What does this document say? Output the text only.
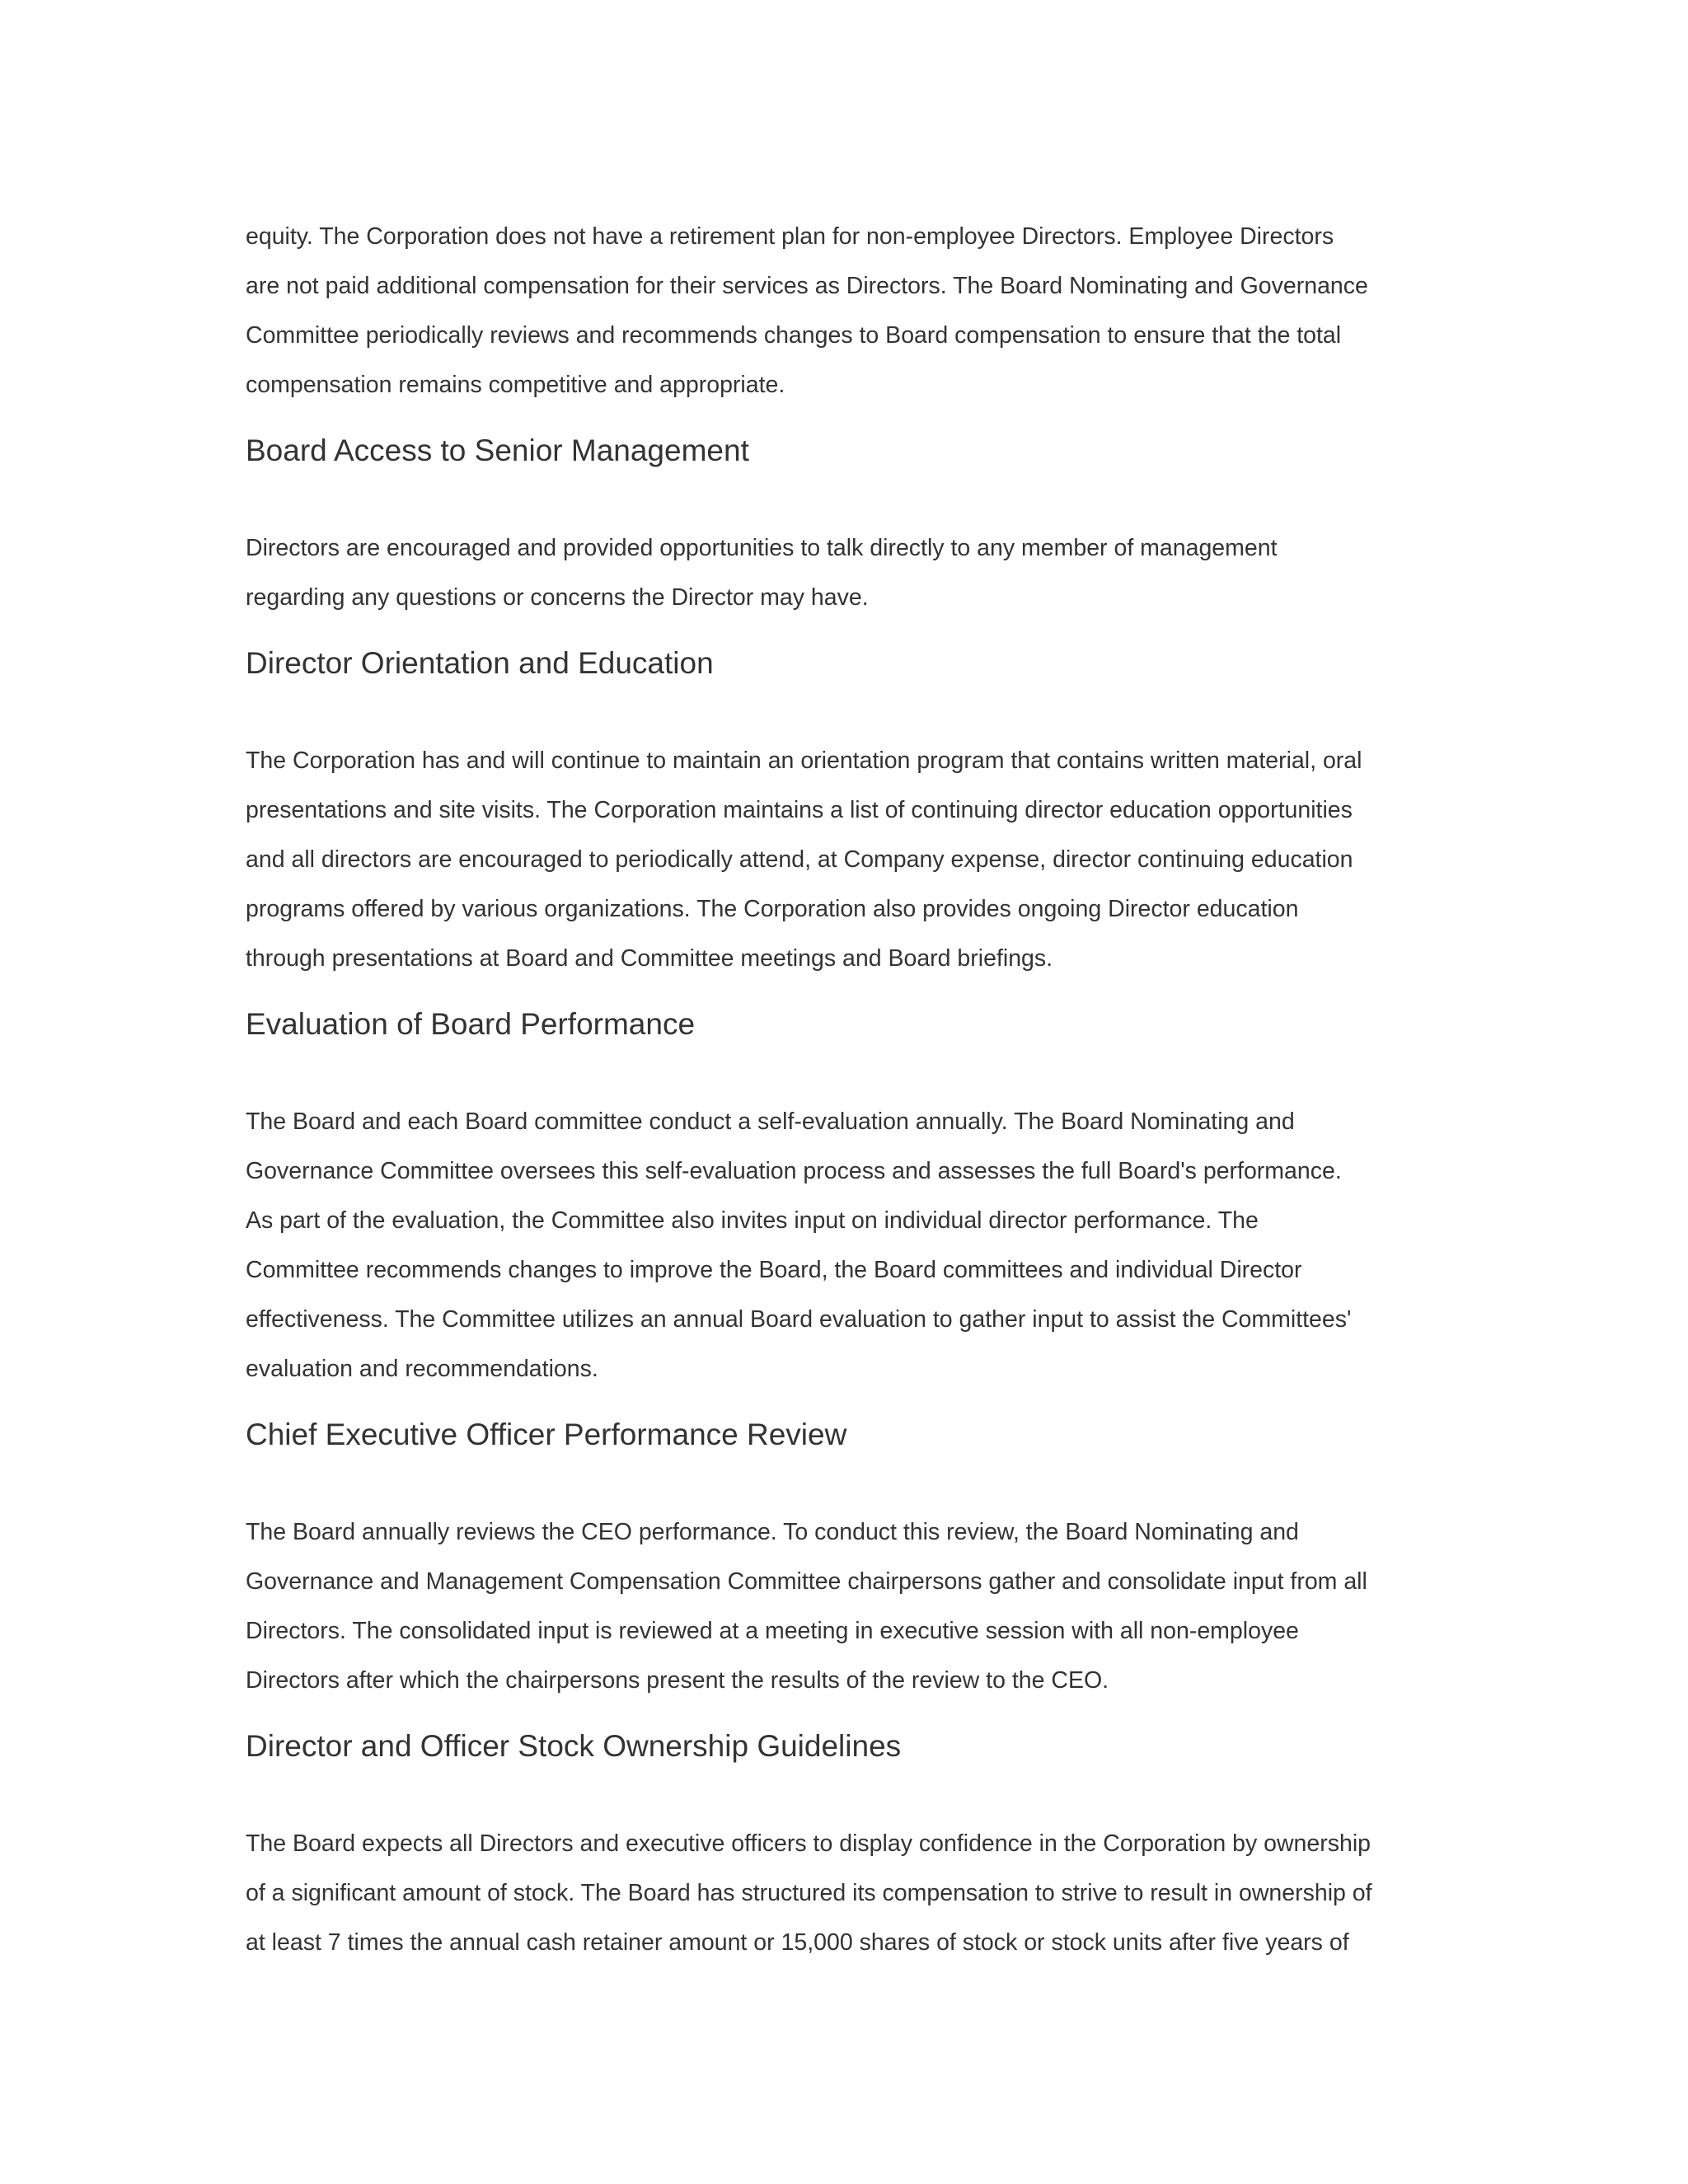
equity. The Corporation does not have a retirement plan for non-employee Directors. Employee Directors
are not paid additional compensation for their services as Directors. The Board Nominating and Governance
Committee periodically reviews and recommends changes to Board compensation to ensure that the total
compensation remains competitive and appropriate.

Board Access to Senior Management

Directors are encouraged and provided opportunities to talk directly to any member of management
regarding any questions or concerns the Director may have.

Director Orientation and Education

The Corporation has and will continue to maintain an orientation program that contains written material, oral
presentations and site visits. The Corporation maintains a list of continuing director education opportunities
and all directors are encouraged to periodically attend, at Company expense, director continuing education
programs offered by various organizations. The Corporation also provides ongoing Director education
through presentations at Board and Committee meetings and Board briefings.

Evaluation of Board Performance

The Board and each Board committee conduct a self-evaluation annually. The Board Nominating and
Governance Committee oversees this self-evaluation process and assesses the full Board's performance.
As part of the evaluation, the Committee also invites input on individual director performance. The
Committee recommends changes to improve the Board, the Board committees and individual Director
effectiveness. The Committee utilizes an annual Board evaluation to gather input to assist the Committees'
evaluation and recommendations.

Chief Executive Officer Performance Review

The Board annually reviews the CEO performance. To conduct this review, the Board Nominating and
Governance and Management Compensation Committee chairpersons gather and consolidate input from all
Directors. The consolidated input is reviewed at a meeting in executive session with all non-employee
Directors after which the chairpersons present the results of the review to the CEO.

Director and Officer Stock Ownership Guidelines

The Board expects all Directors and executive officers to display confidence in the Corporation by ownership
of a significant amount of stock. The Board has structured its compensation to strive to result in ownership of
at least 7 times the annual cash retainer amount or 15,000 shares of stock or stock units after five years of
